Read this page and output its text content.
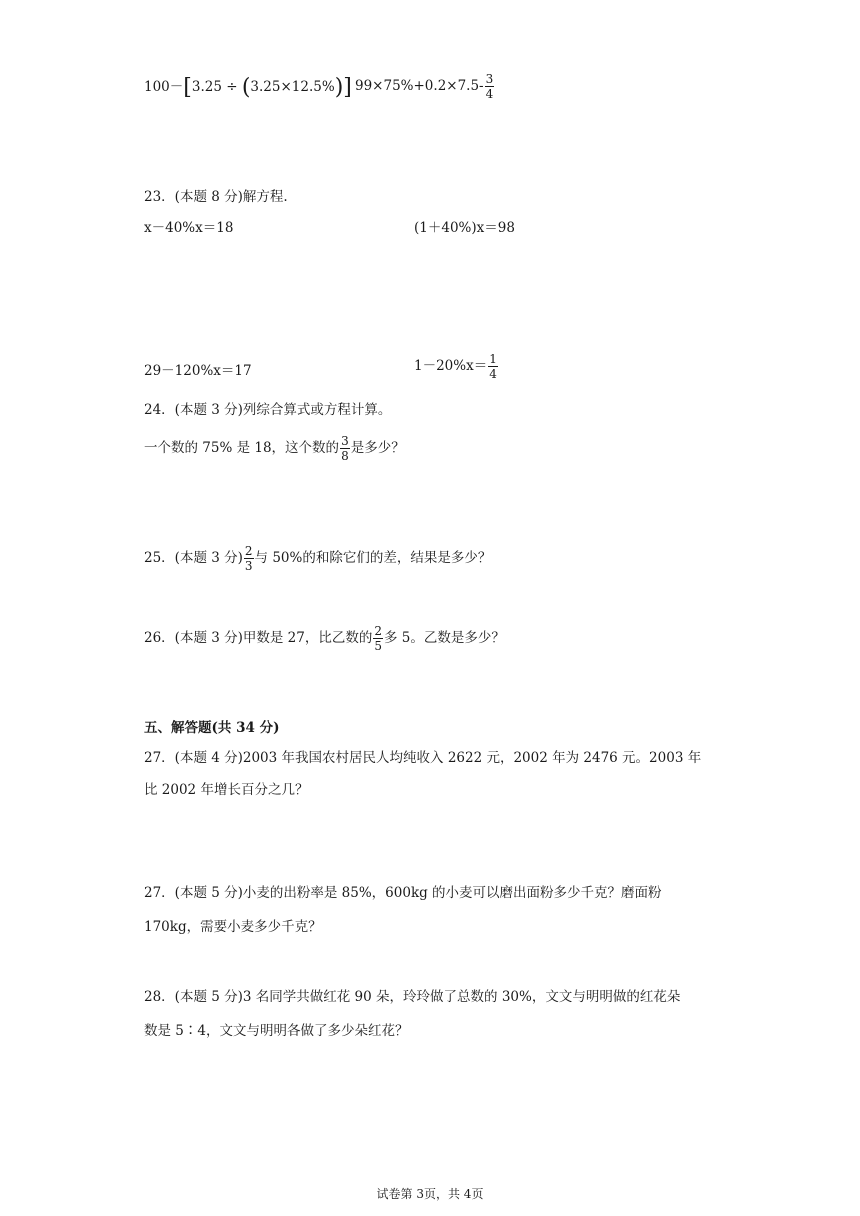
100－[3.25 ÷ (3.25×12.5%)] $99\times 75\%+0.2\times 7.5- \frac{3}{4}$
23．(本题 8 分)解方程.
x－40%x＝18	(1＋40%)x＝98
29－120%x＝17	$1-20\%x= \frac{1}{4}$
24．(本题 3 分)列综合算式或方程计算。
一个数的 75% 是 18，这个数的 $\frac{3}{8}$ 是多少？
25．(本题 3 分) $\frac{2}{3}$ 与 50%的和除它们的差，结果是多少？
26．(本题 3 分)甲数是 27，比乙数的 $\frac{2}{5}$ 多 5。乙数是多少？
五、解答题(共 34 分)
27．(本题 4 分)2003 年我国农村居民人均纯收入 2622 元，2002 年为 2476 元。2003 年
比 2002 年增长百分之几？
27．(本题 5 分)小麦的出粉率是 85%，600kg 的小麦可以磨出面粉多少千克？磨面粉
170kg，需要小麦多少千克？
28．(本题 5 分)3 名同学共做红花 90 朵，玲玲做了总数的 30%，文文与明明做的红花朵
数是 5∶4，文文与明明各做了多少朵红花？
试卷第 3页，共 4页
